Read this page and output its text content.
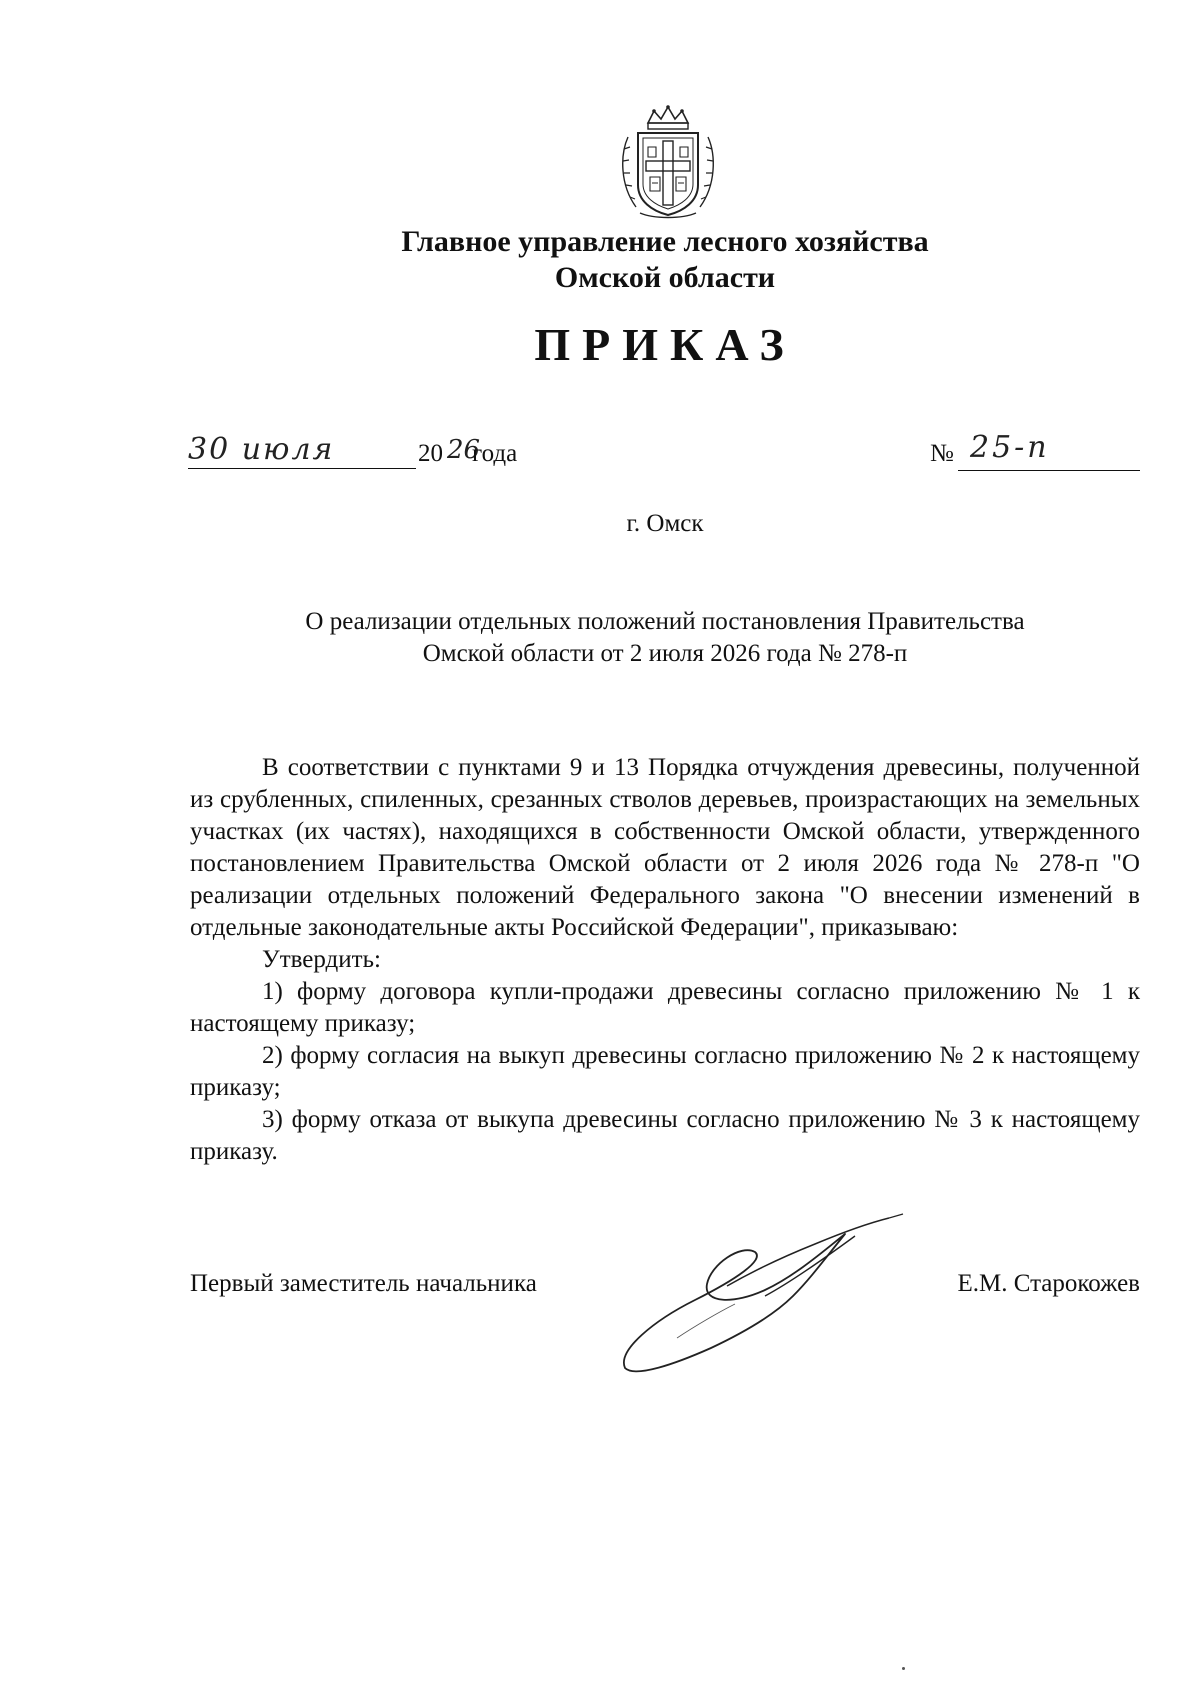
Главное управление лесного хозяйства
Омской области
ПРИКАЗ
30 июля	20 26
года	№ 25-п
г. Омск
О реализации отдельных положений постановления Правительства
Омской области от 2 июля 2026 года № 278-п

В соответствии с пунктами 9 и 13 Порядка отчуждения древесины, полученной из срубленных, спиленных, срезанных стволов деревьев, произрастающих на земельных участках (их частях), находящихся в собственности Омской области, утвержденного постановлением Правительства Омской области от 2 июля 2026 года № 278-п "О реализации отдельных положений Федерального закона "О внесении изменений в отдельные законодательные акты Российской Федерации", приказываю:

Утвердить:

1) форму договора купли-продажи древесины согласно приложению № 1 к настоящему приказу;

2) форму согласия на выкуп древесины согласно приложению № 2 к настоящему приказу;

3) форму отказа от выкупа древесины согласно приложению № 3 к настоящему приказу.

Первый заместитель начальника	Е.М. Старокожев
